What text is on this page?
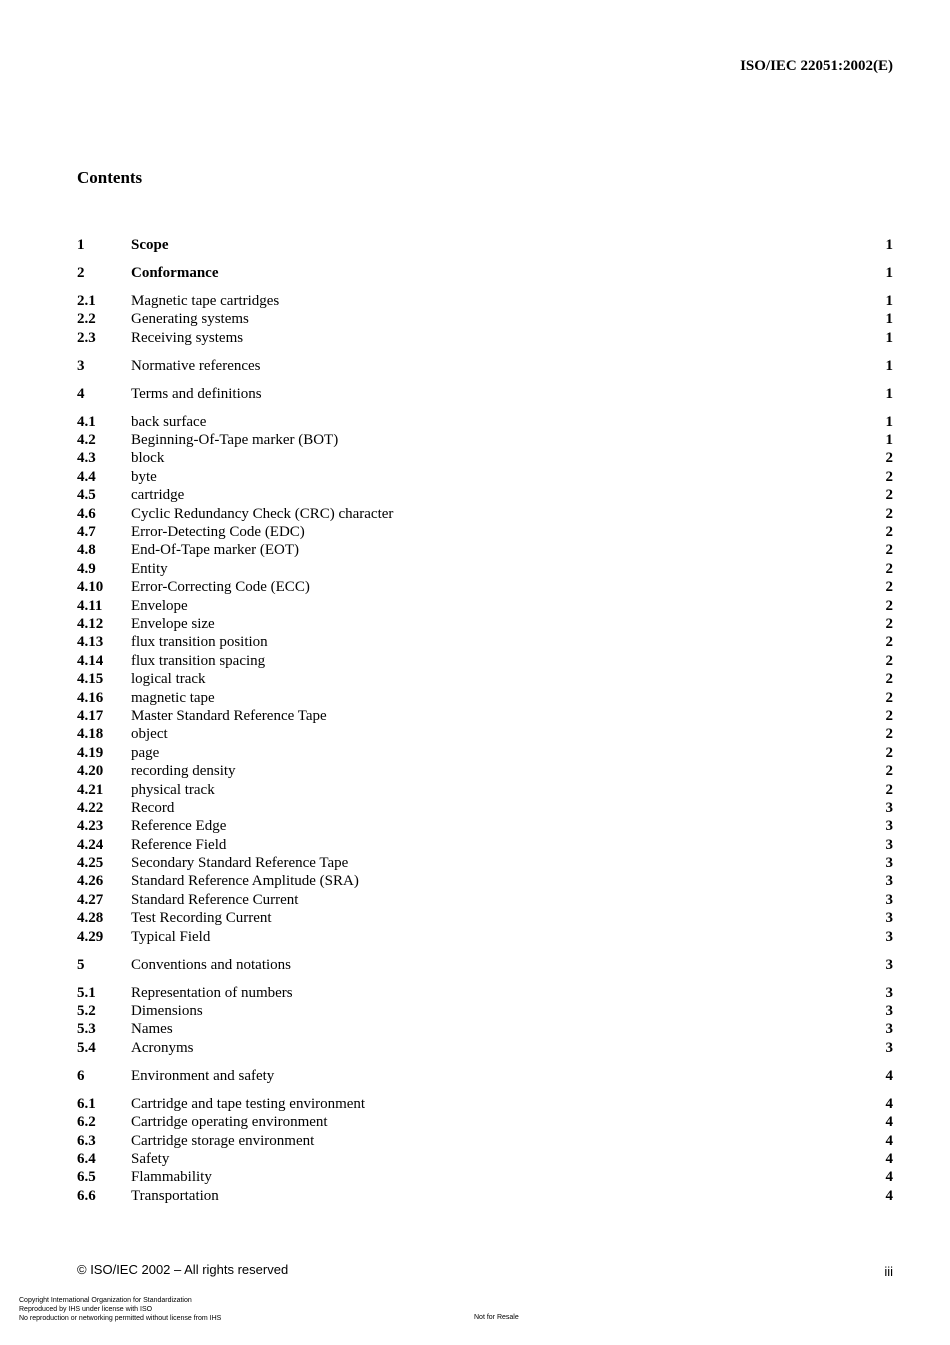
ISO/IEC 22051:2002(E)
Contents
1	Scope	1
2	Conformance	1
2.1 Magnetic tape cartridges	1
2.2 Generating systems	1
2.3 Receiving systems	1
3	Normative references	1
4	Terms and definitions	1
4.1 back surface	1
4.2 Beginning-Of-Tape marker (BOT)	1
4.3 block	2
4.4 byte	2
4.5 cartridge	2
4.6 Cyclic Redundancy Check (CRC) character	2
4.7 Error-Detecting Code (EDC)	2
4.8 End-Of-Tape marker (EOT)	2
4.9 Entity	2
4.10 Error-Correcting Code (ECC)	2
4.11 Envelope	2
4.12 Envelope size	2
4.13 flux transition position	2
4.14 flux transition spacing	2
4.15 logical track	2
4.16 magnetic tape	2
4.17 Master Standard Reference Tape	2
4.18 object	2
4.19 page	2
4.20 recording density	2
4.21 physical track	2
4.22 Record	3
4.23 Reference Edge	3
4.24 Reference Field	3
4.25 Secondary Standard Reference Tape	3
4.26 Standard Reference Amplitude (SRA)	3
4.27 Standard Reference Current	3
4.28 Test Recording Current	3
4.29 Typical Field	3
5	Conventions and notations	3
5.1 Representation of numbers	3
5.2 Dimensions	3
5.3 Names	3
5.4 Acronyms	3
6	Environment and safety	4
6.1 Cartridge and tape testing environment	4
6.2 Cartridge operating environment	4
6.3 Cartridge storage environment	4
6.4 Safety	4
6.5 Flammability	4
6.6 Transportation	4
© ISO/IEC 2002 – All rights reserved	iii
Copyright International Organization for Standardization
Reproduced by IHS under license with ISO
No reproduction or networking permitted without license from IHS	Not for Resale
